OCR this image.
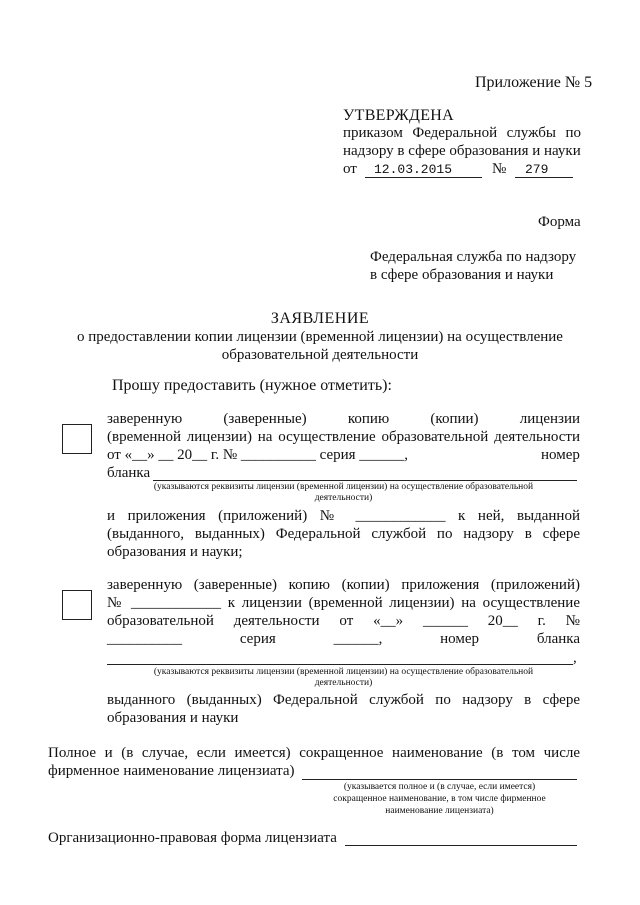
Приложение № 5
УТВЕРЖДЕНА
приказом Федеральной службы по
надзору в сфере образования и науки
от 12.03.2015	№ 279
Форма
Федеральная служба по надзору
в сфере образования и науки
ЗАЯВЛЕНИЕ
о предоставлении копии лицензии (временной лицензии) на осуществление
образовательной деятельности
Прошу предоставить (нужное отметить):
заверенную (заверенные) копию (копии) лицензии
(временной лицензии) на осуществление образовательной деятельности
от «__» __ 20__ г. № __________ серия ______,	номер
бланка
(указываются реквизиты лицензии (временной лицензии) на осуществление образовательной
деятельности)
и приложения (приложений) № ____________ к ней, выданной
(выданного, выданных) Федеральной службой по надзору в сфере
образования и науки;
заверенную (заверенные) копию (копии) приложения (приложений)
№ ____________ к лицензии (временной лицензии) на осуществление
образовательной деятельности от «__» ______ 20__ г. №
__________ серия ______, номер бланка
,
(указываются реквизиты лицензии (временной лицензии) на осуществление образовательной
деятельности)
выданного (выданных) Федеральной службой по надзору в сфере
образования и науки
Полное и (в случае, если имеется) сокращенное наименование (в том числе
фирменное наименование лицензиата)
(указывается полное и (в случае, если имеется)
сокращенное наименование, в том числе фирменное
наименование лицензиата)
Организационно-правовая форма лицензиата
